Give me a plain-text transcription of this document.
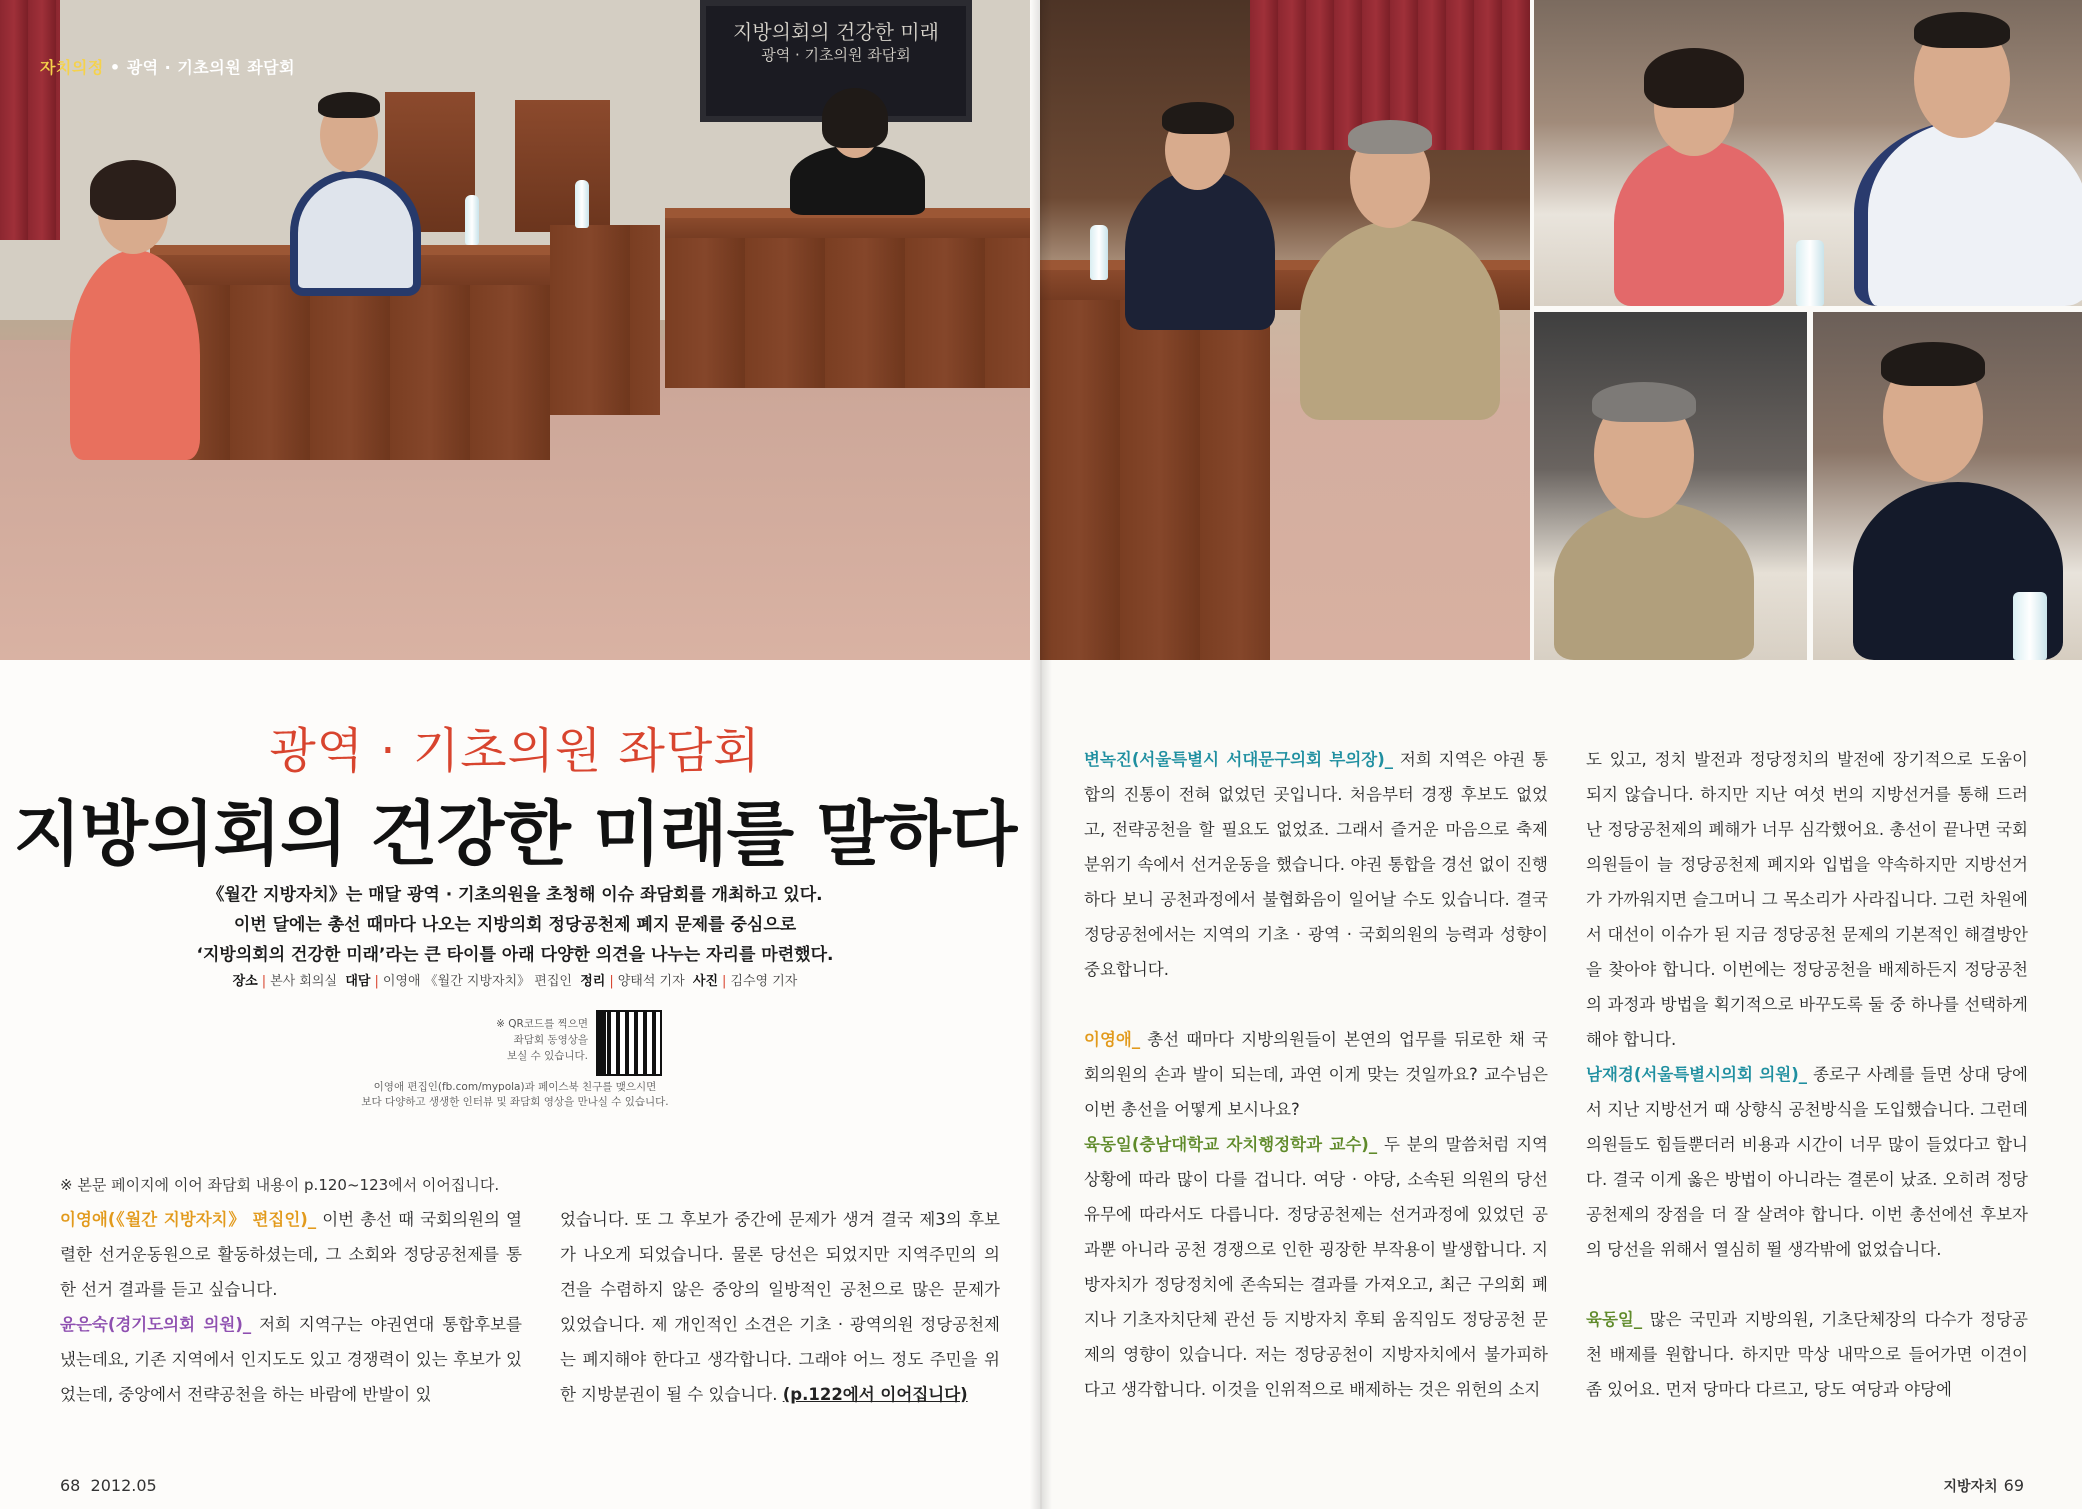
지방의회의 건강한 미래
광역 · 기초의원 좌담회
자치의정 • 광역 · 기초의원 좌담회
광역 · 기초의원 좌담회
지방의회의 건강한 미래를 말하다
《월간 지방자치》는 매달 광역 · 기초의원을 초청해 이슈 좌담회를 개최하고 있다.
이번 달에는 총선 때마다 나오는 지방의회 정당공천제 폐지 문제를 중심으로
‘지방의회의 건강한 미래’라는 큰 타이틀 아래 다양한 의견을 나누는 자리를 마련했다.
장소 | 본사 회의실 대담 | 이영애 《월간 지방자치》 편집인 정리 | 양태석 기자 사진 | 김수영 기자
※ QR코드를 찍으면
좌담회 동영상을
보실 수 있습니다.
이영애 편집인(fb.com/mypola)과 페이스북 친구를 맺으시면
보다 다양하고 생생한 인터뷰 및 좌담회 영상을 만나실 수 있습니다.
※ 본문 페이지에 이어 좌담회 내용이 p.120~123에서 이어집니다.

이영애(《월간 지방자치》 편집인)_ 이번 총선 때 국회의원의 열렬한 선거운동원으로 활동하셨는데, 그 소회와 정당공천제를 통한 선거 결과를 듣고 싶습니다.

윤은숙(경기도의회 의원)_ 저희 지역구는 야권연대 통합후보를 냈는데요, 기존 지역에서 인지도도 있고 경쟁력이 있는 후보가 있었는데, 중앙에서 전략공천을 하는 바람에 반발이 있

었습니다. 또 그 후보가 중간에 문제가 생겨 결국 제3의 후보가 나오게 되었습니다. 물론 당선은 되었지만 지역주민의 의견을 수렴하지 않은 중앙의 일방적인 공천으로 많은 문제가 있었습니다. 제 개인적인 소견은 기초 · 광역의원 정당공천제는 폐지해야 한다고 생각합니다. 그래야 어느 정도 주민을 위한 지방분권이 될 수 있습니다. (p.122에서 이어집니다)

68 2012.05

변녹진(서울특별시 서대문구의회 부의장)_ 저희 지역은 야권 통합의 진통이 전혀 없었던 곳입니다. 처음부터 경쟁 후보도 없었고, 전략공천을 할 필요도 없었죠. 그래서 즐거운 마음으로 축제 분위기 속에서 선거운동을 했습니다. 야권 통합을 경선 없이 진행하다 보니 공천과정에서 불협화음이 일어날 수도 있습니다. 결국 정당공천에서는 지역의 기초 · 광역 · 국회의원의 능력과 성향이 중요합니다.

이영애_ 총선 때마다 지방의원들이 본연의 업무를 뒤로한 채 국회의원의 손과 발이 되는데, 과연 이게 맞는 것일까요? 교수님은 이번 총선을 어떻게 보시나요?

육동일(충남대학교 자치행정학과 교수)_ 두 분의 말씀처럼 지역 상황에 따라 많이 다를 겁니다. 여당 · 야당, 소속된 의원의 당선 유무에 따라서도 다릅니다. 정당공천제는 선거과정에 있었던 공과뿐 아니라 공천 경쟁으로 인한 굉장한 부작용이 발생합니다. 지방자치가 정당정치에 존속되는 결과를 가져오고, 최근 구의회 폐지나 기초자치단체 관선 등 지방자치 후퇴 움직임도 정당공천 문제의 영향이 있습니다. 저는 정당공천이 지방자치에서 불가피하다고 생각합니다. 이것을 인위적으로 배제하는 것은 위헌의 소지

도 있고, 정치 발전과 정당정치의 발전에 장기적으로 도움이 되지 않습니다. 하지만 지난 여섯 번의 지방선거를 통해 드러난 정당공천제의 폐해가 너무 심각했어요. 총선이 끝나면 국회의원들이 늘 정당공천제 폐지와 입법을 약속하지만 지방선거가 가까워지면 슬그머니 그 목소리가 사라집니다. 그런 차원에서 대선이 이슈가 된 지금 정당공천 문제의 기본적인 해결방안을 찾아야 합니다. 이번에는 정당공천을 배제하든지 정당공천의 과정과 방법을 획기적으로 바꾸도록 둘 중 하나를 선택하게 해야 합니다.

남재경(서울특별시의회 의원)_ 종로구 사례를 들면 상대 당에서 지난 지방선거 때 상향식 공천방식을 도입했습니다. 그런데 의원들도 힘들뿐더러 비용과 시간이 너무 많이 들었다고 합니다. 결국 이게 옳은 방법이 아니라는 결론이 났죠. 오히려 정당공천제의 장점을 더 잘 살려야 합니다. 이번 총선에선 후보자의 당선을 위해서 열심히 뛸 생각밖에 없었습니다.

육동일_ 많은 국민과 지방의원, 기초단체장의 다수가 정당공천 배제를 원합니다. 하지만 막상 내막으로 들어가면 이견이 좀 있어요. 먼저 당마다 다르고, 당도 여당과 야당에

지방자치 69
